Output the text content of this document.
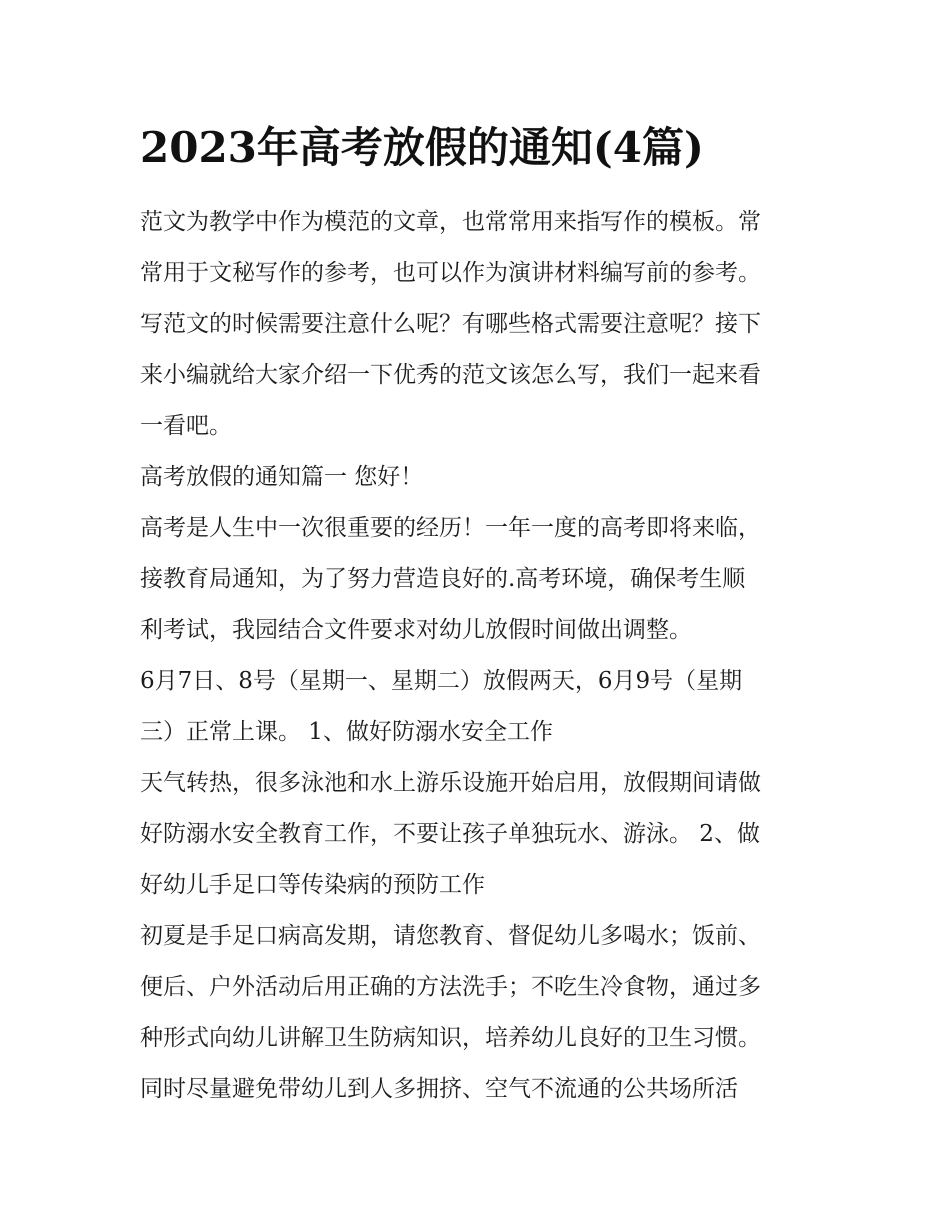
2023年高考放假的通知(4篇)
范文为教学中作为模范的文章，也常常用来指写作的模板。常
常用于文秘写作的参考，也可以作为演讲材料编写前的参考。
写范文的时候需要注意什么呢？有哪些格式需要注意呢？接下
来小编就给大家介绍一下优秀的范文该怎么写，我们一起来看
一看吧。
高考放假的通知篇一 您好！
高考是人生中一次很重要的经历！一年一度的高考即将来临，
接教育局通知，为了努力营造良好的.高考环境，确保考生顺
利考试，我园结合文件要求对幼儿放假时间做出调整。
6月7日、8号（星期一、星期二）放假两天，6月9号（星期
三）正常上课。 1、做好防溺水安全工作
天气转热，很多泳池和水上游乐设施开始启用，放假期间请做
好防溺水安全教育工作，不要让孩子单独玩水、游泳。 2、做
好幼儿手足口等传染病的预防工作
初夏是手足口病高发期，请您教育、督促幼儿多喝水；饭前、
便后、户外活动后用正确的方法洗手；不吃生冷食物，通过多
种形式向幼儿讲解卫生防病知识，培养幼儿良好的卫生习惯。
同时尽量避免带幼儿到人多拥挤、空气不流通的公共场所活
